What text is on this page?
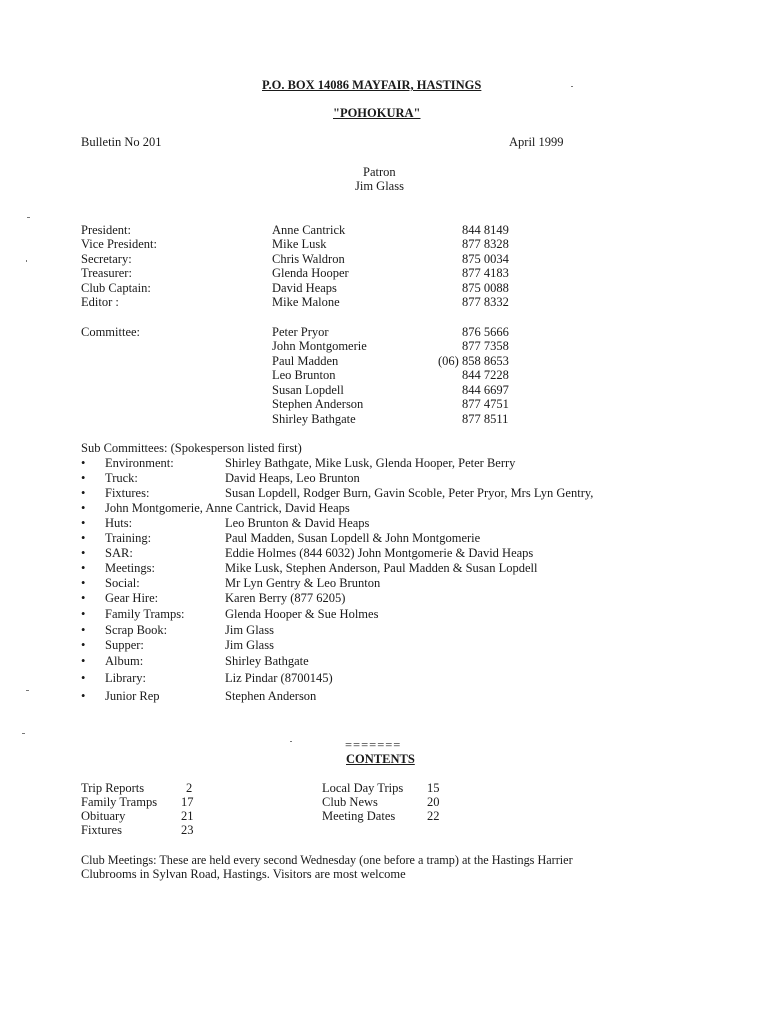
P.O. BOX 14086 MAYFAIR, HASTINGS
"POHOKURA"
Bulletin No 201	April 1999
Patron
Jim Glass
President:	Anne Cantrick	844 8149
Vice President:	Mike Lusk	877 8328
Secretary:	Chris Waldron	875 0034
Treasurer:	Glenda Hooper	877 4183
Club Captain:	David Heaps	875 0088
Editor :	Mike Malone	877 8332
Committee:	Peter Pryor	876 5666
John Montgomerie	877 7358
Paul Madden	(06) 858 8653
Leo Brunton	844 7228
Susan Lopdell	844 6697
Stephen Anderson	877 4751
Shirley Bathgate	877 8511
Sub Committees: (Spokesperson listed first)
• Environment:	Shirley Bathgate, Mike Lusk, Glenda Hooper, Peter Berry
• Truck:	David Heaps, Leo Brunton
• Fixtures:	Susan Lopdell, Rodger Burn, Gavin Scoble, Peter Pryor, Mrs Lyn Gentry,
• John Montgomerie, Anne Cantrick, David Heaps
• Huts:	Leo Brunton & David Heaps
• Training:	Paul Madden, Susan Lopdell & John Montgomerie
• SAR:	Eddie Holmes (844 6032) John Montgomerie & David Heaps
• Meetings:	Mike Lusk, Stephen Anderson, Paul Madden & Susan Lopdell
• Social:	Mr Lyn Gentry & Leo Brunton
• Gear Hire:	Karen Berry (877 6205)
• Family Tramps:	Glenda Hooper & Sue Holmes
• Scrap Book:	Jim Glass
• Supper:	Jim Glass
• Album:	Shirley Bathgate
• Library:	Liz Pindar (8700145)
• Junior Rep	Stephen Anderson
=======
CONTENTS
Trip Reports	2
Family Tramps 17
Obituary	21
Fixtures	23
Local Day Trips 15
Club News	20
Meeting Dates	22
Club Meetings: These are held every second Wednesday (one before a tramp) at the Hastings Harrier
Clubrooms in Sylvan Road, Hastings. Visitors are most welcome
